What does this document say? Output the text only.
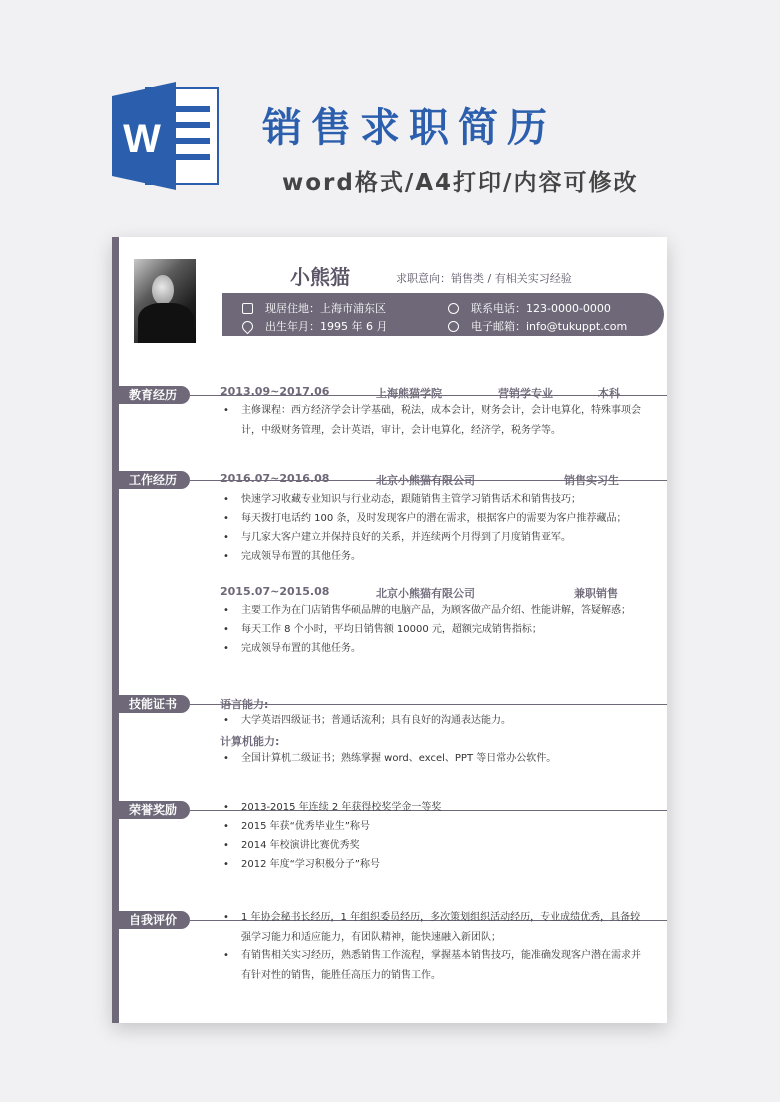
W	销售求职简历
word格式/A4打印/内容可修改
小熊猫	求职意向：销售类 / 有相关实习经验
现居住地：上海市浦东区
出生年月：1995 年 6 月
联系电话：123-0000-0000
电子邮箱：info@tukuppt.com
教育经历	2013.09~2017.06	上海熊猫学院	营销学专业	本科
•	主修课程：西方经济学会计学基础，税法，成本会计，财务会计，会计电算化，特殊事项会计，中级财务管理，会计英语，审计，会计电算化，经济学，税务学等。
工作经历	2016.07~2016.08	北京小熊猫有限公司	销售实习生
•	快速学习收藏专业知识与行业动态，跟随销售主管学习销售话术和销售技巧；
•	每天拨打电话约 100 条，及时发现客户的潜在需求，根据客户的需要为客户推荐藏品；
•	与几家大客户建立并保持良好的关系，并连续两个月得到了月度销售亚军。
•	完成领导布置的其他任务。
2015.07~2015.08	北京小熊猫有限公司	兼职销售
•	主要工作为在门店销售华硕品牌的电脑产品，为顾客做产品介绍、性能讲解，答疑解惑；
•	每天工作 8 个小时，平均日销售额 10000 元，超额完成销售指标；
•	完成领导布置的其他任务。
技能证书	语言能力:
•	大学英语四级证书；普通话流利；具有良好的沟通表达能力。
计算机能力:
•	全国计算机二级证书；熟练掌握 word、excel、PPT 等日常办公软件。
荣誉奖励	•	2013-2015 年连续 2 年获得校奖学金一等奖
•	2015 年获“优秀毕业生”称号
•	2014 年校演讲比赛优秀奖
•	2012 年度“学习积极分子”称号
自我评价	•	1 年协会秘书长经历，1 年组织委员经历，多次策划组织活动经历，专业成绩优秀，具备较强学习能力和适应能力，有团队精神，能快速融入新团队；
•	有销售相关实习经历，熟悉销售工作流程，掌握基本销售技巧，能准确发现客户潜在需求并有针对性的销售，能胜任高压力的销售工作。
